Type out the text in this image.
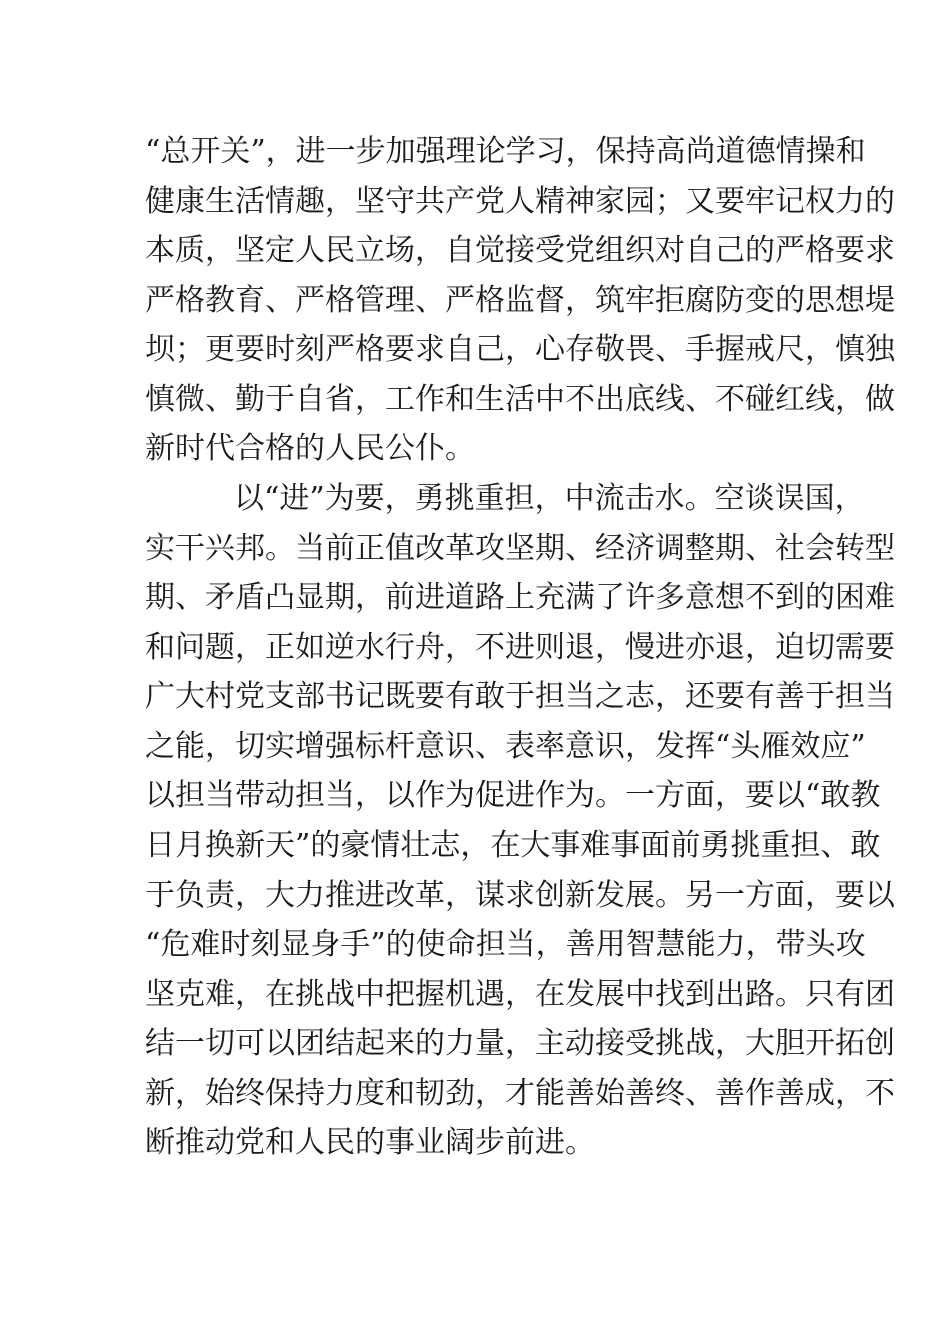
“总开关”，进一步加强理论学习，保持高尚道德情操和
健康生活情趣，坚守共产党人精神家园；又要牢记权力的
本质，坚定人民立场，自觉接受党组织对自己的严格要求
严格教育、严格管理、严格监督，筑牢拒腐防变的思想堤
坝；更要时刻严格要求自己，心存敬畏、手握戒尺，慎独
慎微、勤于自省，工作和生活中不出底线、不碰红线，做
新时代合格的人民公仆。
以“进”为要，勇挑重担，中流击水。空谈误国，
实干兴邦。当前正值改革攻坚期、经济调整期、社会转型
期、矛盾凸显期，前进道路上充满了许多意想不到的困难
和问题，正如逆水行舟，不进则退，慢进亦退，迫切需要
广大村党支部书记既要有敢于担当之志，还要有善于担当
之能，切实增强标杆意识、表率意识，发挥“头雁效应”
以担当带动担当，以作为促进作为。一方面，要以“敢教
日月换新天”的豪情壮志，在大事难事面前勇挑重担、敢
于负责，大力推进改革，谋求创新发展。另一方面，要以
“危难时刻显身手”的使命担当，善用智慧能力，带头攻
坚克难，在挑战中把握机遇，在发展中找到出路。只有团
结一切可以团结起来的力量，主动接受挑战，大胆开拓创
新，始终保持力度和韧劲，才能善始善终、善作善成，不
断推动党和人民的事业阔步前进。
